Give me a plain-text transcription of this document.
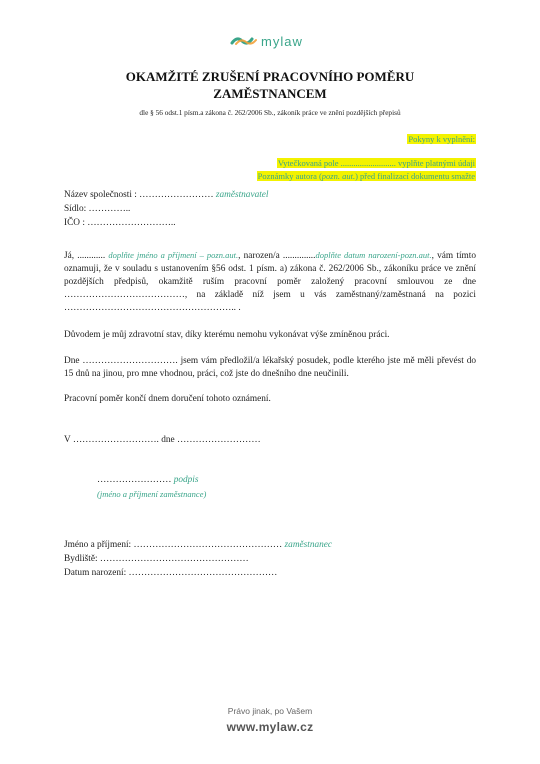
mylaw
OKAMŽITÉ ZRUŠENÍ PRACOVNÍHO POMĚRU
ZAMĚSTNANCEM
dle § 56 odst.1 písm.a zákona č. 262/2006 Sb., zákoník práce ve znění pozdějších přepisů
Pokyny k vyplnění:
Vytečkovaná pole .......................... vyplňte platnými údaji
Poznámky autora (pozn. aut.) před finalizací dokumentu smažte
Název společnosti : …………………… zaměstnavatel
Sídlo: …………..
IČO : ………………………..
Já, ............ doplňte jméno a příjmení – pozn.aut., narozen/a ..............doplňte datum narození-pozn.aut., vám tímto oznamuji, že v souladu s ustanovením §56 odst. 1 písm. a) zákona č. 262/2006 Sb., zákoníku práce ve znění pozdějších předpisů, okamžitě ruším pracovní poměr založený pracovní smlouvou ze dne …………………………………, na základě níž jsem u vás zaměstnaný/zaměstnaná na pozici ……………………………………………….. .
Důvodem je můj zdravotní stav, díky kterému nemohu vykonávat výše zmíněnou práci.
Dne …………………………. jsem vám předložil/a lékařský posudek, podle kterého jste mě měli převést do 15 dnů na jinou, pro mne vhodnou, práci, což jste do dnešního dne neučinili.
Pracovní poměr končí dnem doručení tohoto oznámení.
V ………………………. dne ………………………
…………………… podpis
(jméno a příjmení zaměstnance)
Jméno a příjmení: ………………………………………… zaměstnanec
Bydliště: …………………………………………
Datum narození: …………………………………………
Právo jinak, po Vašem
www.mylaw.cz
